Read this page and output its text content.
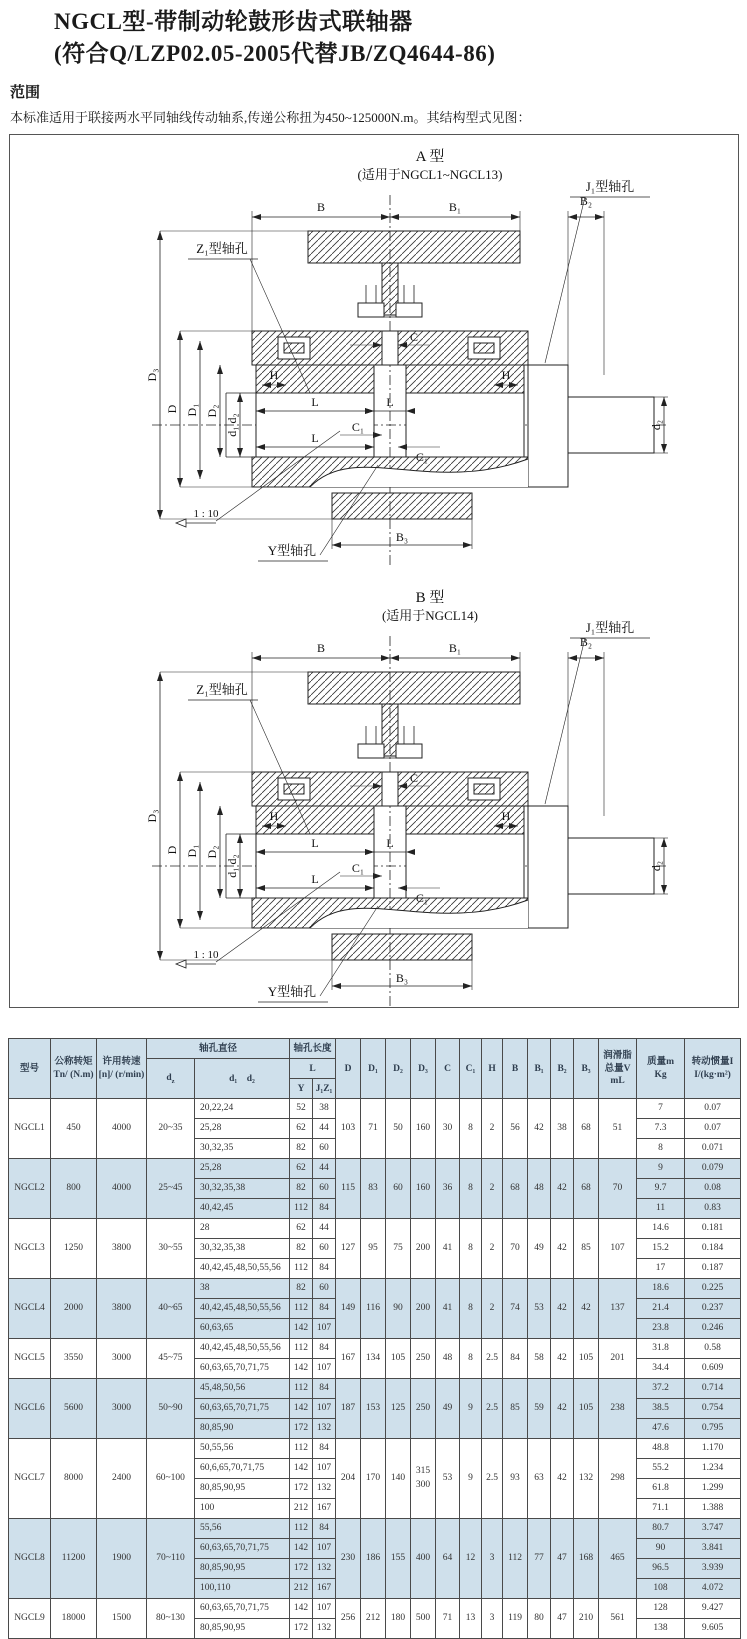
NGCL型-带制动轮鼓形齿式联轴器
(符合Q/LZP02.05-2005代替JB/ZQ4644-86)
范围
本标准适用于联接两水平同轴线传动轴系,传递公称扭为450~125000N.m。其结构型式见图：
A 型
(适用于NGCL1~NGCL13)
d₂
B₃
B	B₁	B₂
C
C₁
C₁
H	H
L	L
L
D₃
D D₁ D₂
d₁ d₂
J₁型轴孔
Z₁型轴孔
Y型轴孔
1 : 10

B 型
(适用于NGCL14)
d₂
B₃
B	B₁	B₂
C
C₁
C₁
H	H
L	L
L
D₃
D D₁ D₂
d₁ d₂
J₁型轴孔
Z₁型轴孔
Y型轴孔
1 : 10
型号

公称转矩
Tn/ (N.m)

许用转速
[n]/ (r/min)

轴孔直径	轴孔长度

D	D₁	D₂	D₃	C	C₁	H	B	B₁	B₂	B₃

润滑脂
总量V
mL

质量m
Kg

转动惯量I
I/(kg·m²)

			$d_z$	d₁　d₂	L															

					Y	J₁Z₁														

NGCL1	450	4000	20~35	20,22,24	52	38	103	71	50	160	30	8	2	56	42	38	68	51	7	0.07

				25,28	62	44													7.3	0.07

				30,32,35	82	60													8	0.071

NGCL2	800	4000	25~45	25,28	62	44	115	83	60	160	36	8	2	68	48	42	68	70	9	0.079

				30,32,35,38	82	60													9.7	0.08

				40,42,45	112	84													11	0.83

NGCL3	1250	3800	30~55	28	62	44	127	95	75	200	41	8	2	70	49	42	85	107	14.6	0.181

				30,32,35,38	82	60													15.2	0.184

				40,42,45,48,50,55,56	112	84													17	0.187

NGCL4	2000	3800	40~65	38	82	60	149	116	90	200	41	8	2	74	53	42	42	137	18.6	0.225

				40,42,45,48,50,55,56	112	84													21.4	0.237

				60,63,65	142	107													23.8	0.246

NGCL5	3550	3000	45~75	40,42,45,48,50,55,56	112	84	167	134	105	250	48	8	2.5	84	58	42	105	201	31.8	0.58

				60,63,65,70,71,75	142	107													34.4	0.609

NGCL6	5600	3000	50~90	45,48,50,56	112	84	187	153	125	250	49	9	2.5	85	59	42	105	238	37.2	0.714

				60,63,65,70,71,75	142	107													38.5	0.754

				80,85,90	172	132													47.6	0.795

NGCL7	8000	2400	60~100	50,55,56	112	84	204	170	140	315
300	53	9	2.5	93	63	42	132	298	48.8	1.170

				60,6,65,70,71,75	142	107													55.2	1.234

				80,85,90,95	172	132													61.8	1.299

				100	212	167													71.1	1.388

NGCL8	11200	1900	70~110	55,56	112	84	230	186	155	400	64	12	3	112	77	47	168	465	80.7	3.747

				60,63,65,70,71,75	142	107													90	3.841

				80,85,90,95	172	132													96.5	3.939

				100,110	212	167													108	4.072

NGCL9	18000	1500	80~130	60,63,65,70,71,75	142	107	256	212	180	500	71	13	3	119	80	47	210	561	128	9.427

				80,85,90,95	172	132													138	9.605
